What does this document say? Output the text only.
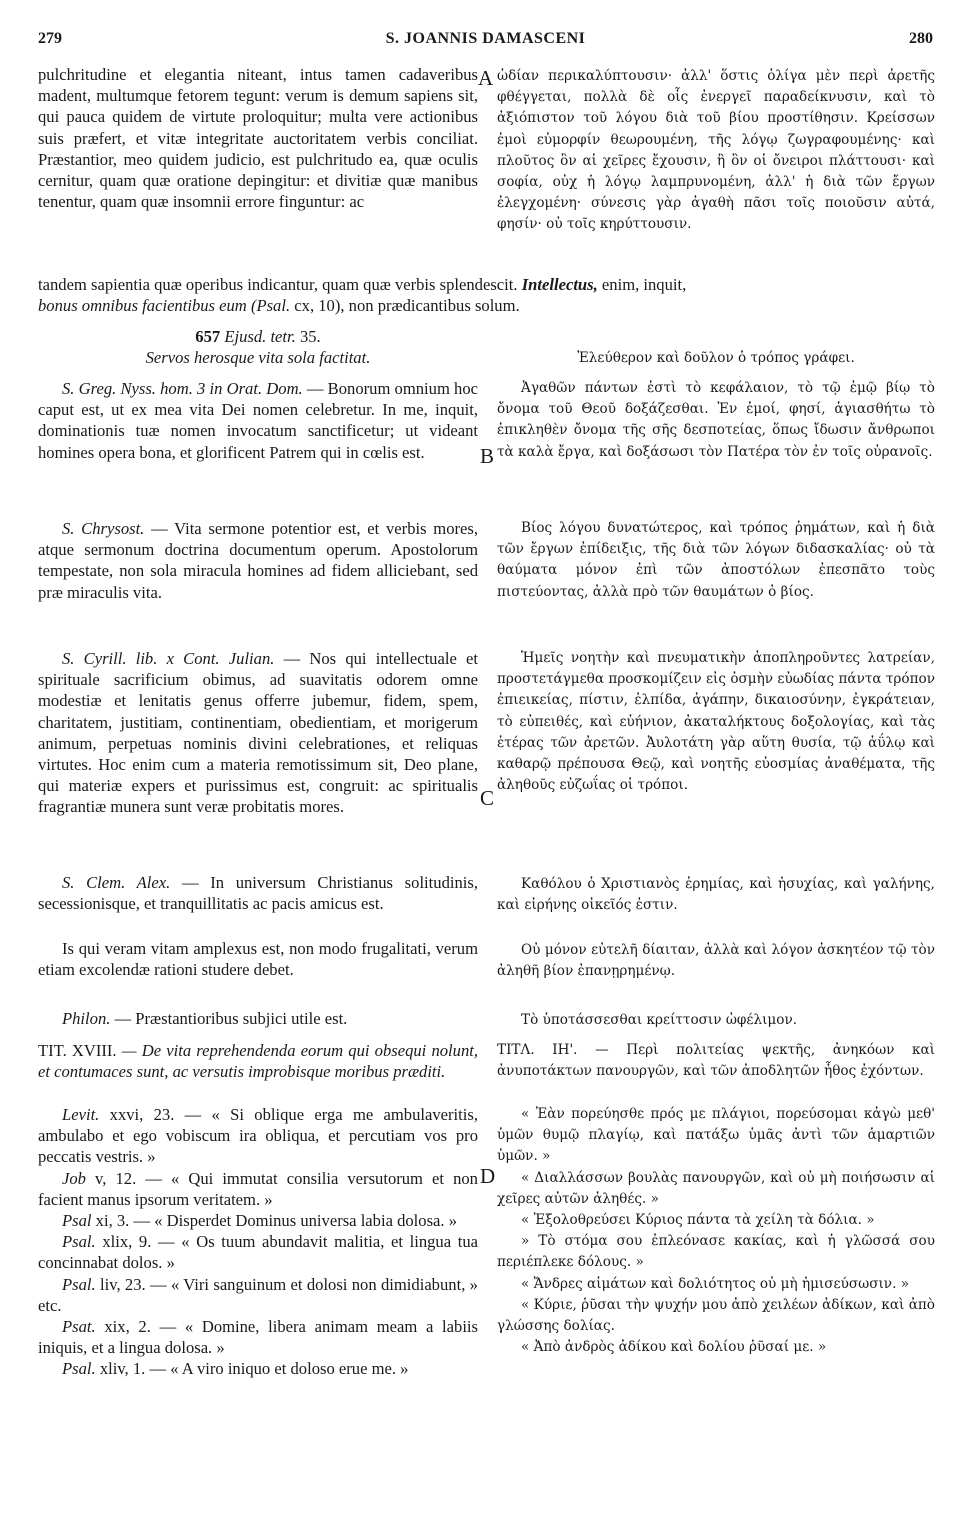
279	S. JOANNIS DAMASCENI	280

pulchritudine et elegantia niteant, intus tamen cadaveribus madent, multumque fetorem tegunt: verum is demum sapiens sit, qui pauca quidem de virtute proloquitur; multa vere actionibus suis præfert, et vitæ integritate auctoritatem verbis conciliat. Præstantior, meo quidem judicio, est pulchritudo ea, quæ oculis cernitur, quam quæ oratione depingitur: et divitiæ quæ manibus tenentur, quam quæ insomnii errore finguntur: ac

A ὡδίαν περικαλύπτουσιν· ἀλλ' ὅστις ὀλίγα μὲν περὶ ἀρετῆς φθέγγεται, πολλὰ δὲ οἷς ἐνεργεῖ παραδείκνυσιν, καὶ τὸ ἀξιόπιστον τοῦ λόγου διὰ τοῦ βίου προστίθησιν. Κρείσσων ἐμοὶ εὐμορφίν θεωρουμένη, τῆς λόγῳ ζωγραφουμένης· καὶ πλοῦτος ὃν αἱ χεῖρες ἔχουσιν, ἢ ὃν οἱ ὄνειροι πλάττουσι· καὶ σοφία, οὐχ ἡ λόγῳ λαμπρυνομένη, ἀλλ' ἡ διὰ τῶν ἔργων ἐλεγχομένη· σύνεσις γὰρ ἀγαθὴ πᾶσι τοῖς ποιοῦσιν αὐτά, φησίν· οὐ τοῖς κηρύττουσιν.

tandem sapientia quæ operibus indicantur, quam quæ verbis splendescit. Intellectus, enim, inquit,

bonus omnibus facientibus eum (Psal. cx, 10), non prædicantibus solum.

657 Ejusd. tetr. 35.

Servos herosque vita sola factitat.	Ἐλεύθερον καὶ δοῦλον ὁ τρόπος γράφει.

S. Greg. Nyss. hom. 3 in Orat. Dom. — Bonorum omnium hoc caput est, ut ex mea vita Dei nomen celebretur. In me, inquit, dominationis tuæ nomen invocatum sanctificetur; ut videant homines opera bona, et glorificent Patrem qui in cœlis est.	B

Ἀγαθῶν πάντων ἐστὶ τὸ κεφάλαιον, τὸ τῷ ἐμῷ βίῳ τὸ ὄνομα τοῦ Θεοῦ δοξάζεσθαι. Ἐν ἐμοί, φησί, ἁγιασθήτω τὸ ἐπικληθὲν ὄνομα τῆς σῆς δεσποτείας, ὅπως ἴδωσιν ἄνθρωποι τὰ καλὰ ἔργα, καὶ δοξάσωσι τὸν Πατέρα τὸν ἐν τοῖς οὐρανοῖς.

S. Chrysost. — Vita sermone potentior est, et verbis mores, atque sermonum doctrina documentum operum. Apostolorum tempestate, non sola miracula homines ad fidem alliciebant, sed præ miraculis vita.

Βίος λόγου δυνατώτερος, καὶ τρόπος ῥημάτων, καὶ ἡ διὰ τῶν ἔργων ἐπίδειξις, τῆς διὰ τῶν λόγων διδασκαλίας· οὐ τὰ θαύματα μόνον ἐπὶ τῶν ἀποστόλων ἐπεσπᾶτο τοὺς πιστεύοντας, ἀλλὰ πρὸ τῶν θαυμάτων ὁ βίος.

S. Cyrill. lib. x Cont. Julian. — Nos qui intellectuale et spirituale sacrificium obimus, ad suavitatis odorem omne modestiæ et lenitatis genus offerre jubemur, fidem, spem, charitatem, justitiam, continentiam, obedientiam, et morigerum animum, perpetuas nominis divini celebrationes, et reliquas virtutes. Hoc enim cum a materia remotissimum sit, Deo plane, qui materiæ expers et purissimus est, congruit: ac spiritualis fragrantiæ munera sunt veræ probitatis mores.	C

Ἡμεῖς νοητὴν καὶ πνευματικὴν ἀποπληροῦντες λατρείαν, προστετάγμεθα προσκομίζειν εἰς ὀσμὴν εὐωδίας πάντα τρόπον ἐπιεικείας, πίστιν, ἐλπίδα, ἀγάπην, δικαιοσύνην, ἐγκράτειαν, τὸ εὐπειθές, καὶ εὐήνιον, ἀκαταλήκτους δοξολογίας, καὶ τὰς ἑτέρας τῶν ἀρετῶν. Ἀυλοτάτη γὰρ αὕτη θυσία, τῷ ἀΰλῳ καὶ καθαρῷ πρέπουσα Θεῷ, καὶ νοητῆς εὐοσμίας ἀναθέματα, τῆς ἀληθοῦς εὐζωΐας οἱ τρόποι.

S. Clem. Alex. — In universum Christianus solitudinis, secessionisque, et tranquillitatis ac pacis amicus est.

Καθόλου ὁ Χριστιανὸς ἐρημίας, καὶ ἡσυχίας, καὶ γαλήνης, καὶ εἰρήνης οἰκεῖός ἐστιν.

Is qui veram vitam amplexus est, non modo frugalitati, verum etiam excolendæ rationi studere debet.

Οὐ μόνον εὐτελῆ δίαιταν, ἀλλὰ καὶ λόγον ἀσκητέον τῷ τὸν ἀληθῆ βίον ἐπανῃρημένῳ.

Philon. — Præstantioribus subjici utile est.	Τὸ ὑποτάσσεσθαι κρείττοσιν ὠφέλιμον.

TIT. XVIII. — De vita reprehendenda eorum qui obsequi nolunt, et contumaces sunt, ac versutis improbisque moribus præditi.

ΤΙΤΛ. ΙΗ'. — Περὶ πολιτείας ψεκτῆς, ἀνηκόων καὶ ἀνυποτάκτων πανουργῶν, καὶ τῶν ἀποδλητῶν ἦθος ἐχόντων.

D

Levit. xxvi, 23. — « Si oblique erga me ambulaveritis, ambulabo et ego vobiscum ira obliqua, et percutiam vos pro peccatis vestris. »

Job v, 12. — « Qui immutat consilia versutorum et non facient manus ipsorum veritatem. »

Psal xi, 3. — « Disperdet Dominus universa labia dolosa. »

Psal. xlix, 9. — « Os tuum abundavit malitia, et lingua tua concinnabat dolos. »

Psal. liv, 23. — « Viri sanguinum et dolosi non dimidiabunt, » etc.

Psat. xix, 2. — « Domine, libera animam meam a labiis iniquis, et a lingua dolosa. »

Psal. xliv, 1. — « A viro iniquo et doloso erue me. »

« Ἐὰν πορεύησθε πρός με πλάγιοι, πορεύσομαι κἀγὼ μεθ' ὑμῶν θυμῷ πλαγίῳ, καὶ πατάξω ὑμᾶς ἀντὶ τῶν ἁμαρτιῶν ὑμῶν. »

« Διαλλάσσων βουλὰς πανουργῶν, καὶ οὐ μὴ ποιήσωσιν αἱ χεῖρες αὐτῶν ἀληθές. »

« Ἐξολοθρεύσει Κύριος πάντα τὰ χείλη τὰ δόλια. »

» Τὸ στόμα σου ἐπλεόνασε κακίας, καὶ ἡ γλῶσσά σου περιέπλεκε δόλους. »

« Ἄνδρες αἱμάτων καὶ δολιότητος οὐ μὴ ἡμισεύσωσιν. »

« Κύριε, ῥῦσαι τὴν ψυχήν μου ἀπὸ χειλέων ἀδίκων, καὶ ἀπὸ γλώσσης δολίας.

« Ἀπὸ ἀνδρὸς ἀδίκου καὶ δολίου ῥῦσαί με. »
